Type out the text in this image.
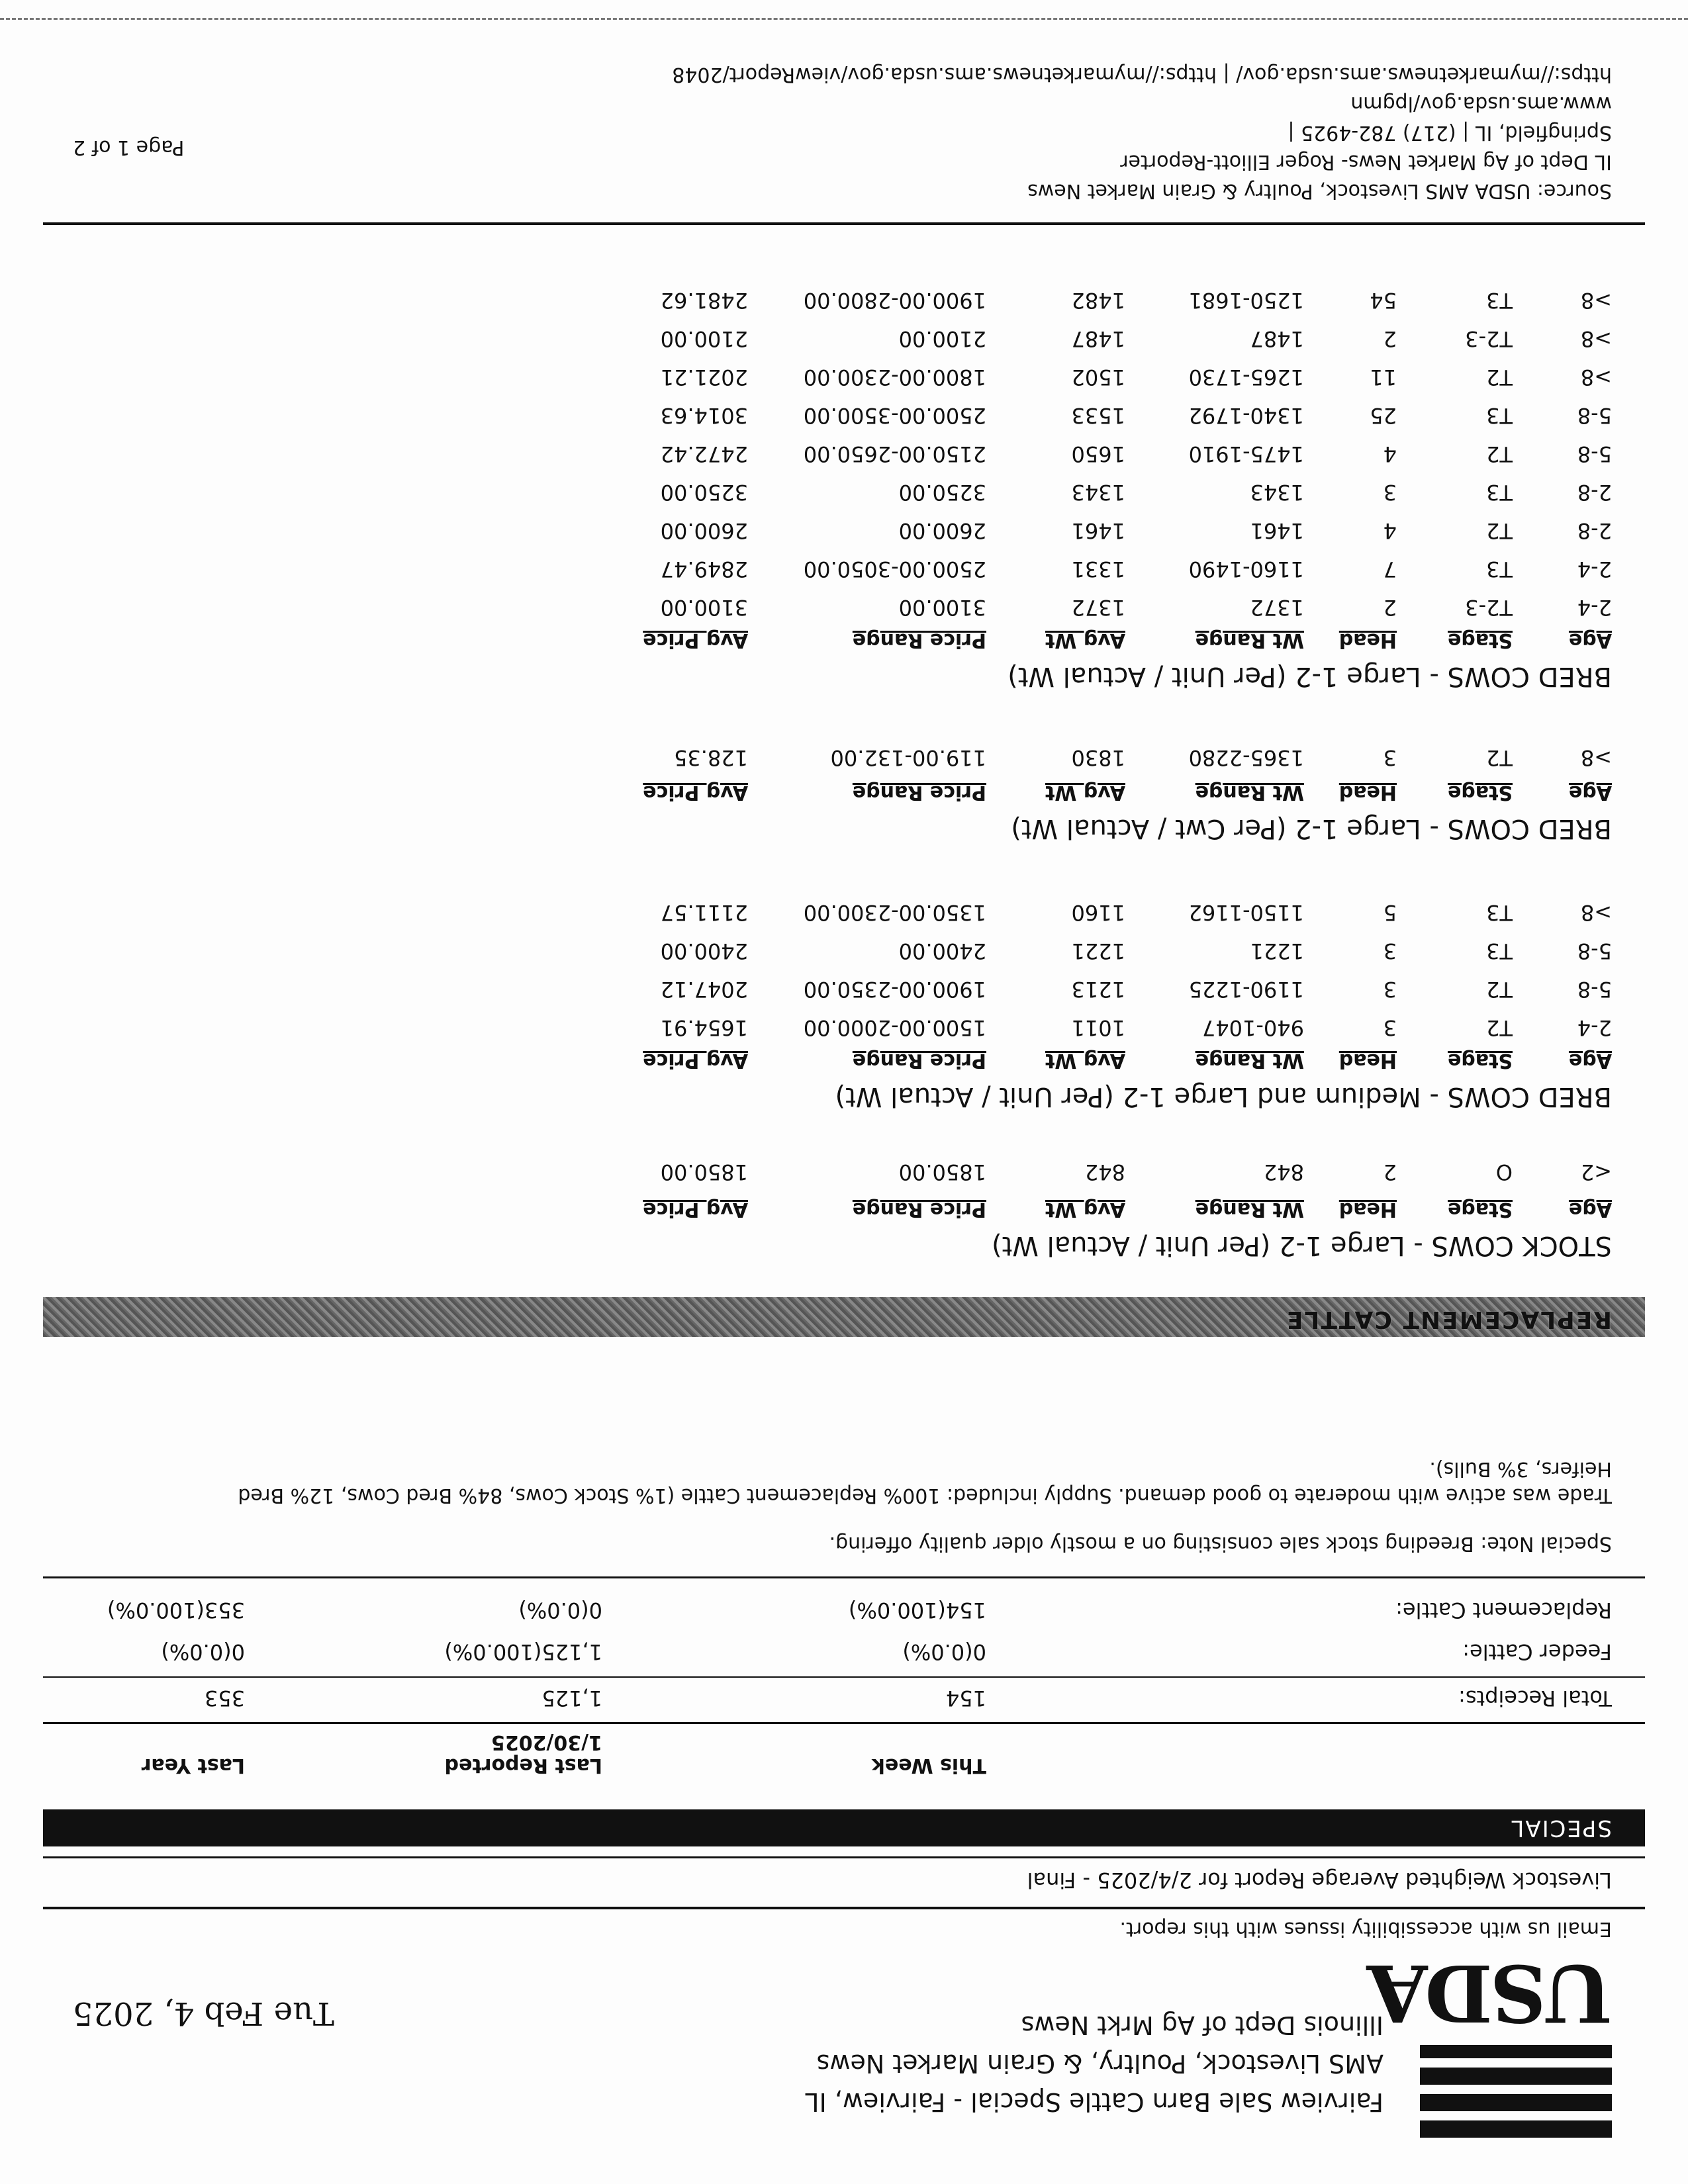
USDA
Fairview Sale Barn Cattle Special - Fairview, IL
AMS Livestock, Poultry, & Grain Market News
Illinois Dept of Ag Mrkt News
Tue Feb 4, 2025
Email us with accessibility issues with this report.
Livestock Weighted Average Report for 2/4/2025 - Final
SPECIAL
This Week
Last Reported
1/30/2025
Last Year
Total Receipts:
154
1,125
353
Feeder Cattle:
0(0.0%)
1,125(100.0%)
0(0.0%)
Replacement Cattle:
154(100.0%)
0(0.0%)
353(100.0%)
Special Note: Breeding stock sale consisting on a mostly older quality offering.
Trade was active with moderate to good demand. Supply included: 100% Replacement Cattle (1% Stock Cows, 84% Bred Cows, 12% Bred
Heifers, 3% Bulls).
REPLACEMENT CATTLE
STOCK COWS - Large 1-2 (Per Unit / Actual Wt)
Age
Stage
Head
Wt Range
Avg Wt
Price Range
Avg Price
<2
O
2
842
842
1850.00
1850.00
BRED COWS - Medium and Large 1-2 (Per Unit / Actual Wt)
Age
Stage
Head
Wt Range
Avg Wt
Price Range
Avg Price
2-4
T2
3
940-1047
1011
1500.00-2000.00
1654.91
5-8
T2
3
1190-1225
1213
1900.00-2350.00
2047.12
5-8
T3
3
1221
1221
2400.00
2400.00
>8
T3
5
1150-1162
1160
1350.00-2300.00
2111.57
BRED COWS - Large 1-2 (Per Cwt / Actual Wt)
Age
Stage
Head
Wt Range
Avg Wt
Price Range
Avg Price
>8
T2
3
1365-2280
1830
119.00-132.00
128.35
BRED COWS - Large 1-2 (Per Unit / Actual Wt)
Age
Stage
Head
Wt Range
Avg Wt
Price Range
Avg Price
2-4
T2-3
2
1372
1372
3100.00
3100.00
2-4
T3
7
1160-1490
1331
2500.00-3050.00
2849.47
2-8
T2
4
1461
1461
2600.00
2600.00
2-8
T3
3
1343
1343
3250.00
3250.00
5-8
T2
4
1475-1910
1650
2150.00-2650.00
2472.42
5-8
T3
25
1340-1792
1533
2500.00-3500.00
3014.63
>8
T2
11
1265-1730
1502
1800.00-2300.00
2021.21
>8
T2-3
2
1487
1487
2100.00
2100.00
>8
T3
54
1250-1681
1482
1900.00-2800.00
2481.62
Source: USDA AMS Livestock, Poultry & Grain Market News
IL Dept of Ag Market News- Roger Elliott-Reporter
Springfield, IL | (217) 782-4925 |
www.ams.usda.gov/lpgmn
https://mymarketnews.ams.usda.gov/ | https://mymarketnews.ams.usda.gov/viewReport/2048
Page 1 of 2
